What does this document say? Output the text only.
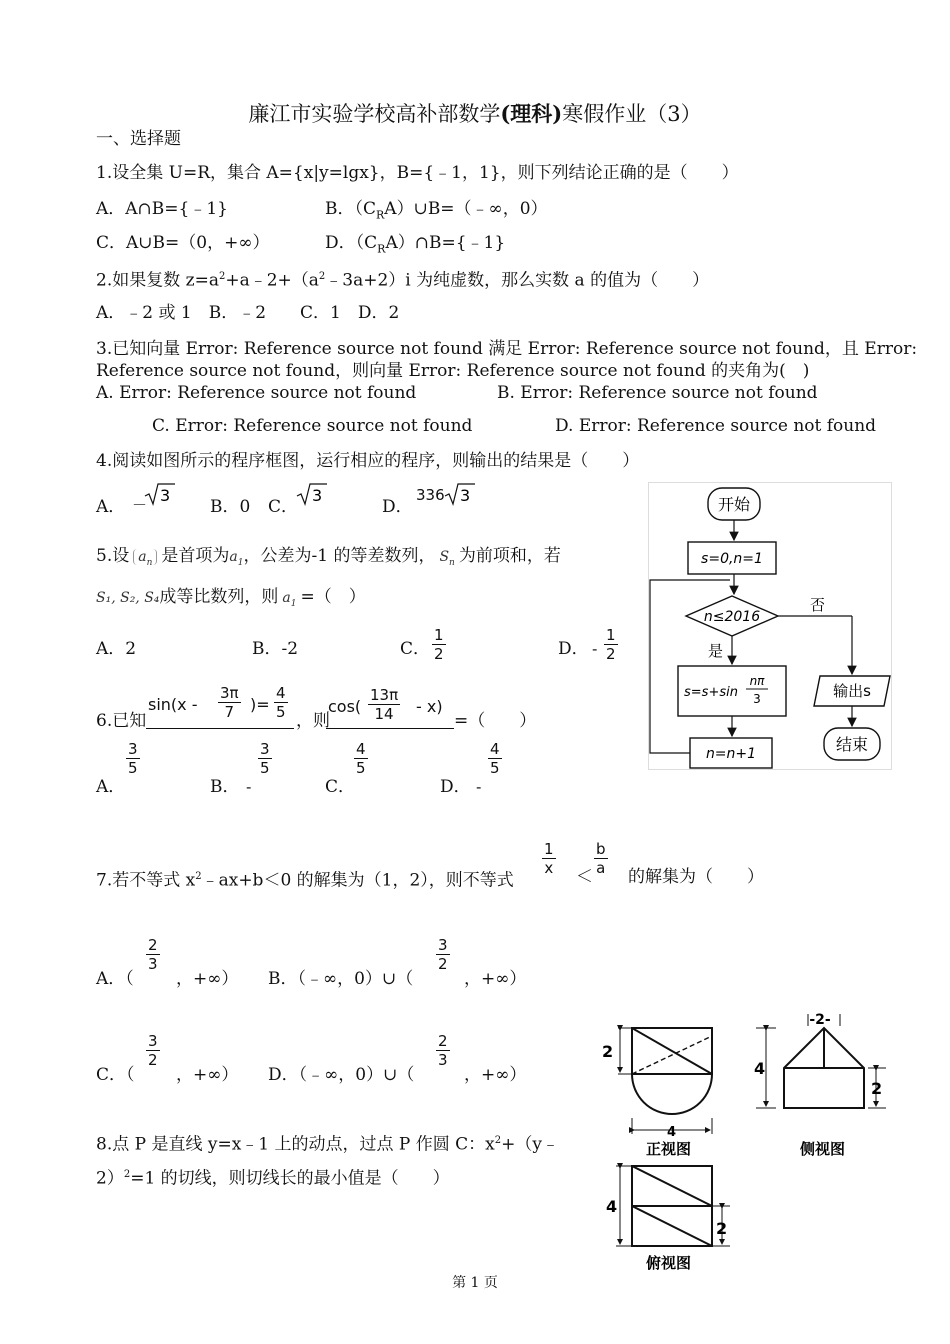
廉江市实验学校高补部数学(理科)寒假作业（3）
一、选择题
1.设全集 U=R，集合 A={x|y=lgx}，B={﹣1，1}，则下列结论正确的是（　　）
A．A∩B={﹣1}	B．$(C_RA)\cup B=(﹣\infty$，0）
C．A∪B=（0，+∞）	D．$(C_RA)\cap B=\{﹣1\}$
2.如果复数 $z=a^2+a﹣2+(a^2﹣3a+2)i$ 为纯虚数，那么实数 a 的值为（　　）
A．﹣2 或 1　B．﹣2　　C．1　D．2
3.已知向量 Error: Reference source not found 满足 Error: Reference source not found，且 Error:
Reference source not found，则向量 Error: Reference source not found 的夹角为(　)
A. Error: Reference source not found	B. Error: Reference source not found
C. Error: Reference source not found	D. Error: Reference source not found
4.阅读如图所示的程序框图，运行相应的程序，则输出的结果是（　　）
A． － 3
B．0 C．
3
D．
336 3	开始
s=0,n=1
n≤2016
否
是
s=s+sin
nπ
3
n=n+1
输出s
结束
5.设 $a_n$ 是首项为$a_1$，公差为-1 的等差数列， $S_n$ 为前项和，若
S₁, S₂, S₄成等比数列，则 $a_1$ =（　）
A．2	B．-2	C． $\frac{1}{2}$	D． - $\frac{1}{2}$
6.已知
$\sin(x - \frac{3\pi}{7}$ )= $\frac{4}{5}$ ，则
$\cos( \frac{13\pi}{14} - x)$
=（　　）
A．
$\frac{3}{5}$
B． -
$\frac{3}{5}$
C．
$\frac{4}{5}$
D． -
$\frac{4}{5}$
7.若不等式 $x^2﹣ax+b<0$ 的解集为（1，2），则不等式
$\frac{1}{x} < \frac{b}{a}$ 的解集为（　　）
A．（
$\frac{2}{3}$
，+∞） B．（﹣∞，0）∪（
$\frac{3}{2}$
，+∞）
C．（
$\frac{3}{2}$
，+∞） D．（﹣∞，0）∪（
$\frac{2}{3}$
，+∞）
8.点 P 是直线 y=x﹣1 上的动点，过点 P 作圆 C：$x^2+(y﹣$
2）$^2$=1 的切线，则切线长的最小值是（　　）
2
4
正视图
-2-
4
2
侧视图
4
2
俯视图
第 1 页
